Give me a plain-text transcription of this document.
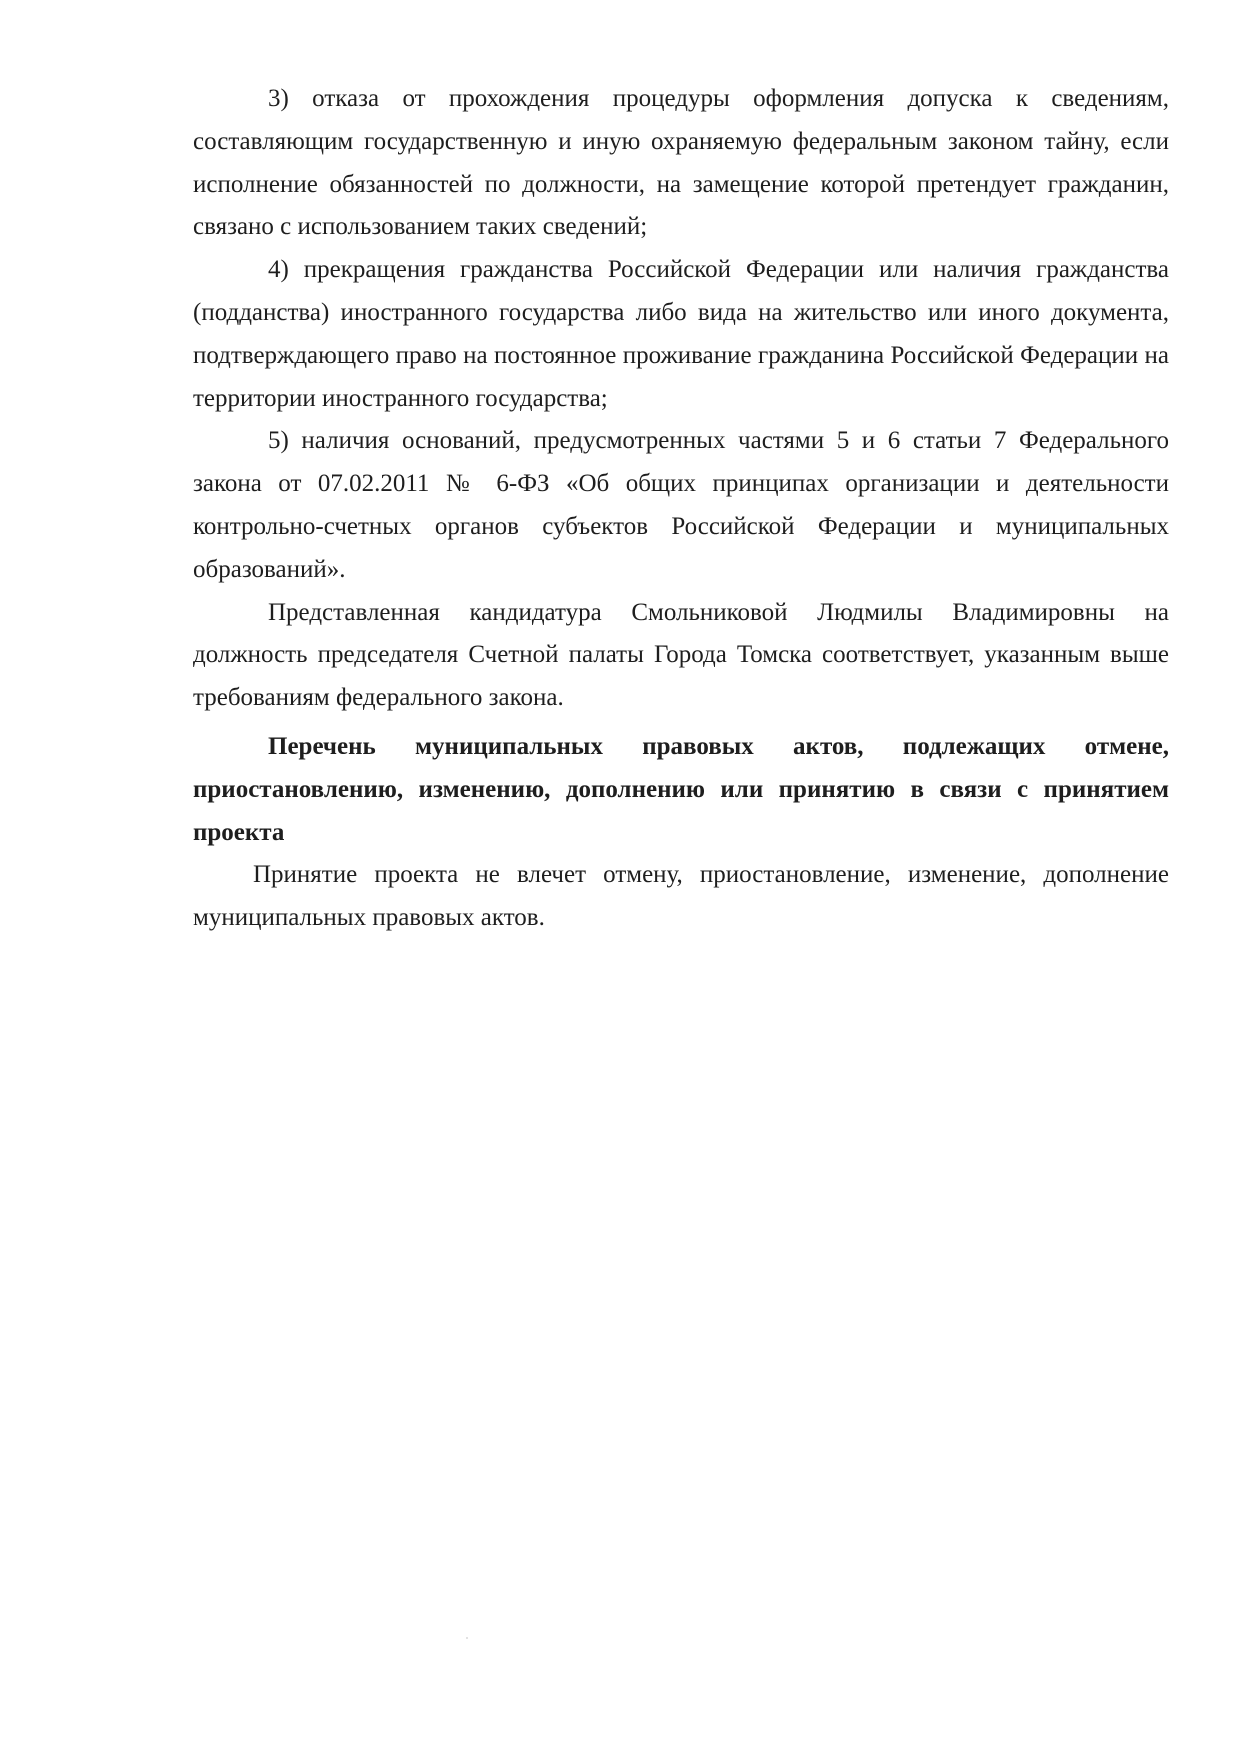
3) отказа от прохождения процедуры оформления допуска к сведениям, составляющим государственную и иную охраняемую федеральным законом тайну, если исполнение обязанностей по должности, на замещение которой претендует гражданин, связано с использованием таких сведений;

4) прекращения гражданства Российской Федерации или наличия гражданства (подданства) иностранного государства либо вида на жительство или иного документа, подтверждающего право на постоянное проживание гражданина Российской Федерации на территории иностранного государства;

5) наличия оснований, предусмотренных частями 5 и 6 статьи 7 Федерального закона от 07.02.2011 № 6-ФЗ «Об общих принципах организации и деятельности контрольно-счетных органов субъектов Российской Федерации и муниципальных образований».

Представленная кандидатура Смольниковой Людмилы Владимировны на должность председателя Счетной палаты Города Томска соответствует, указанным выше требованиям федерального закона.

Перечень муниципальных правовых актов, подлежащих отмене, приостановлению, изменению, дополнению или принятию в связи с принятием проекта

Принятие проекта не влечет отмену, приостановление, изменение, дополнение муниципальных правовых актов.
